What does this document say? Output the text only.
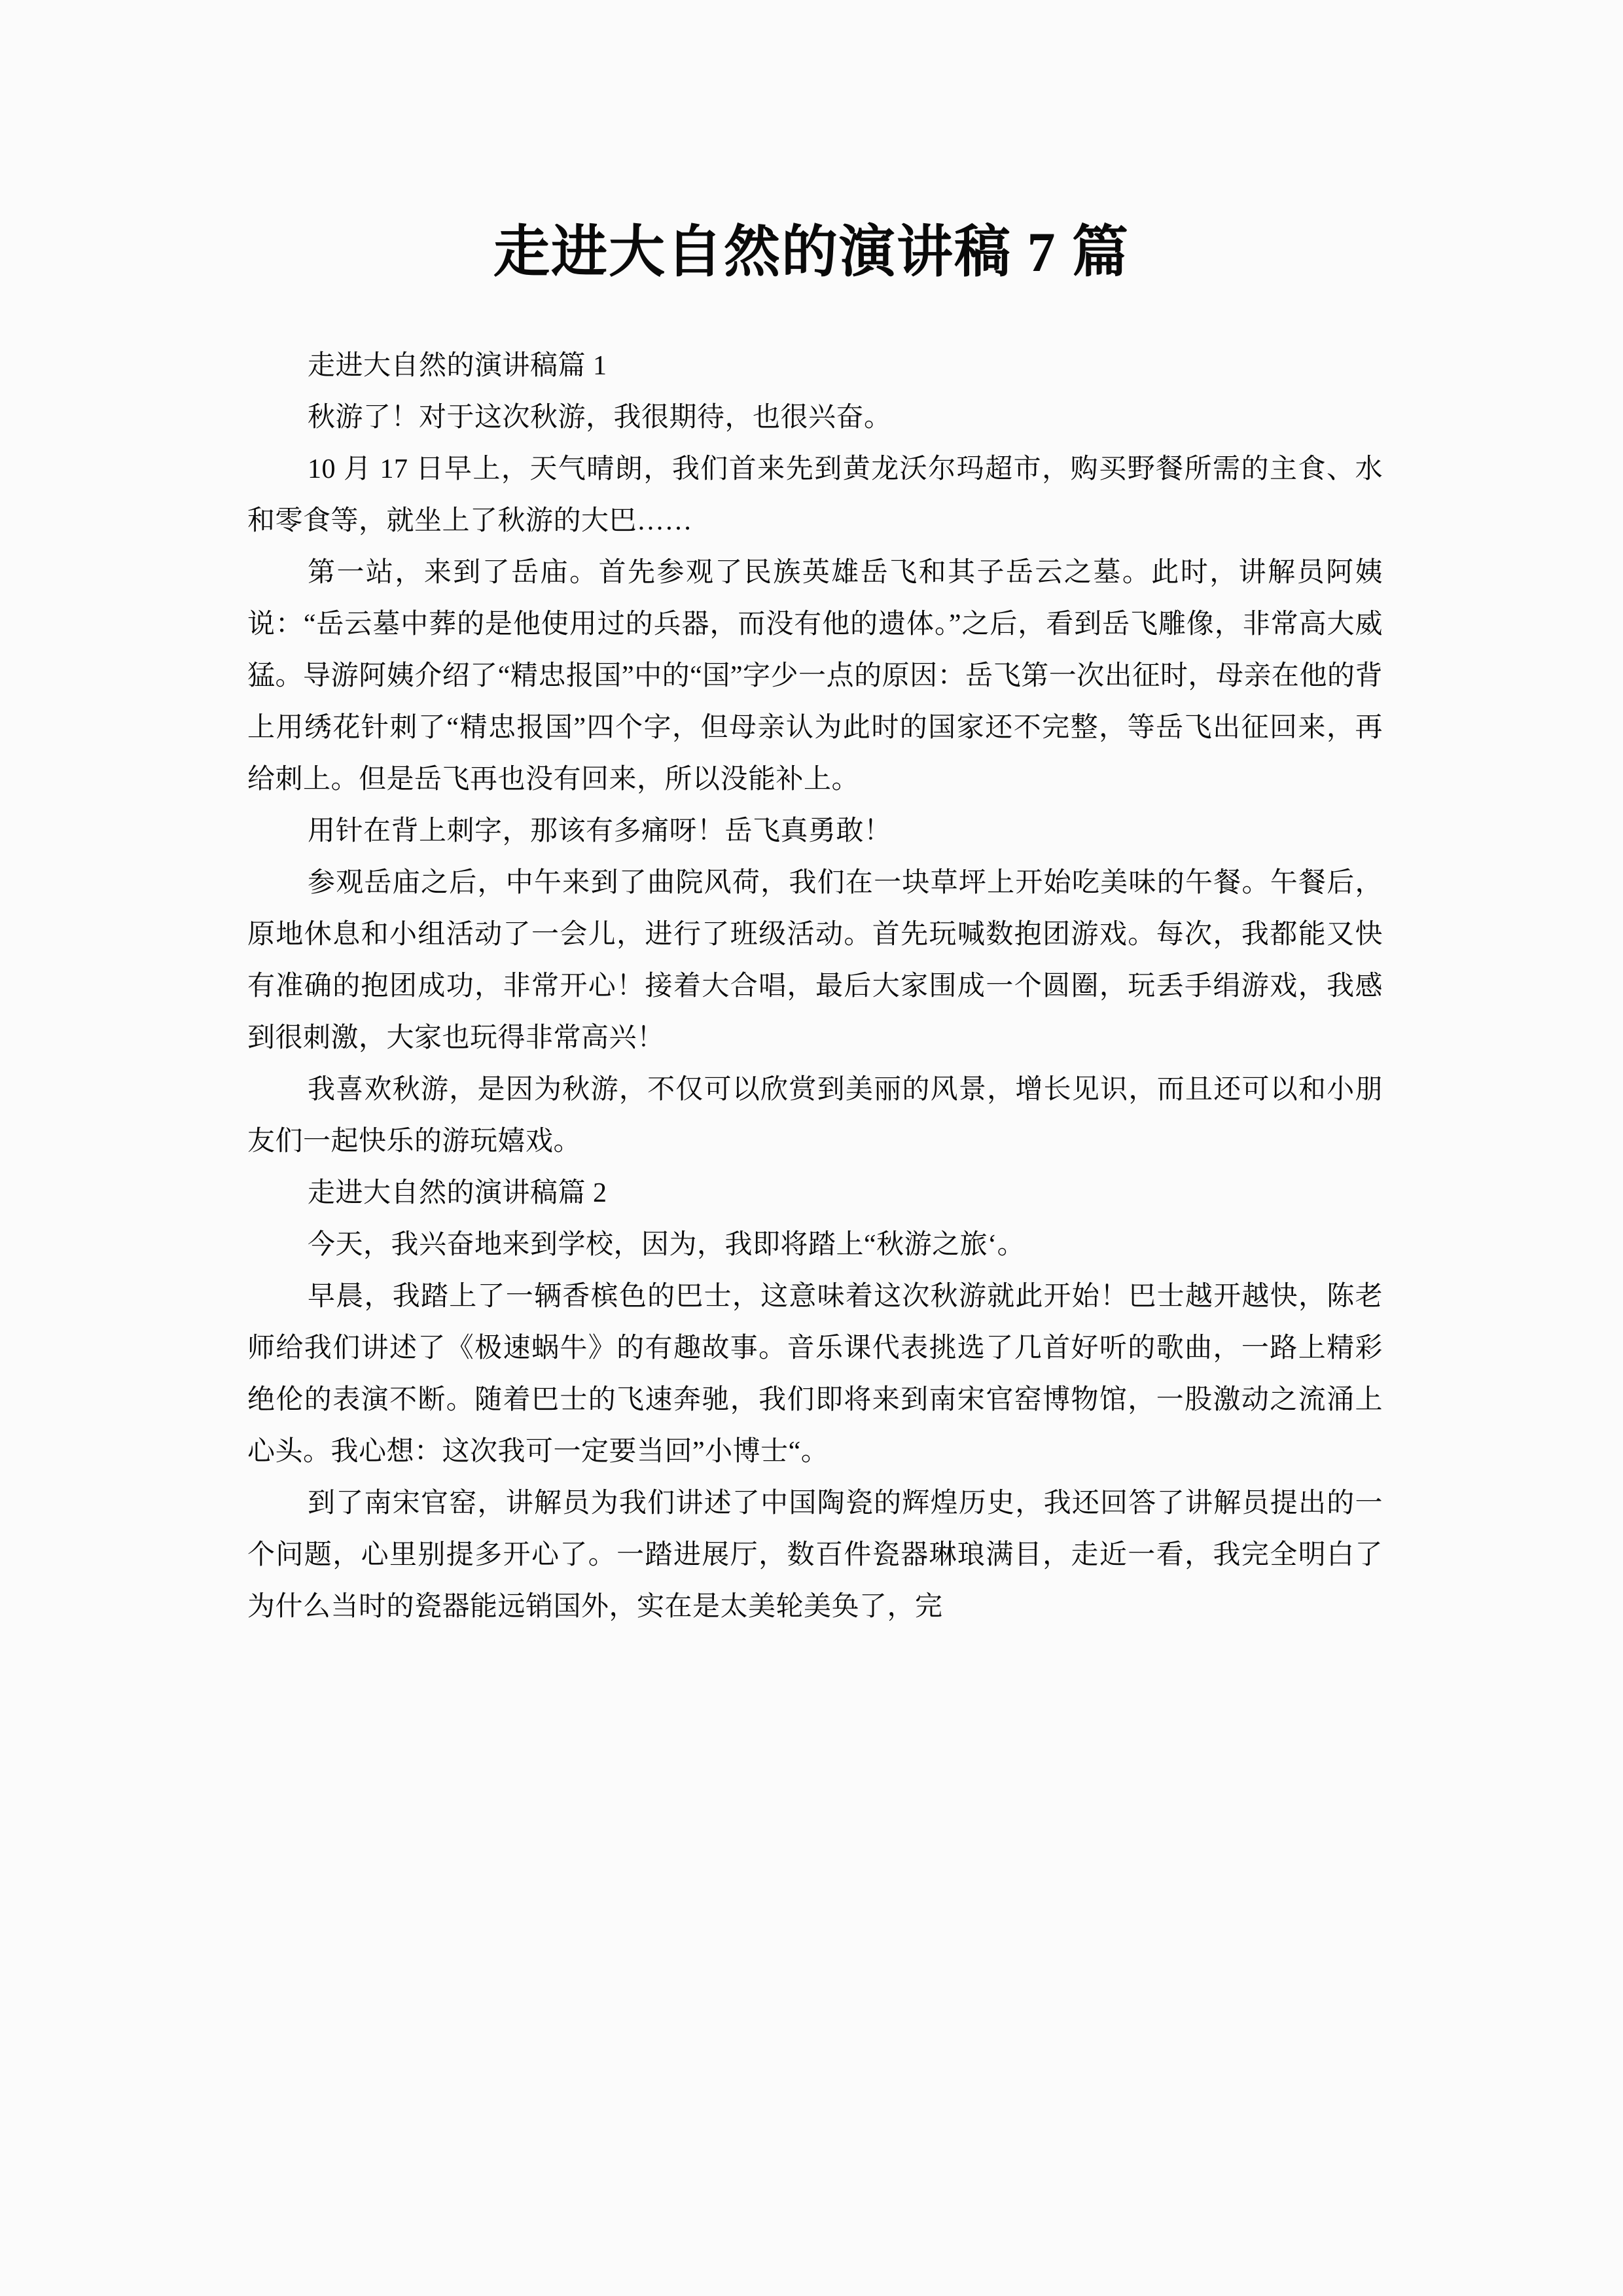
走进大自然的演讲稿 7 篇

走进大自然的演讲稿篇 1

秋游了！对于这次秋游，我很期待，也很兴奋。

10 月 17 日早上，天气晴朗，我们首来先到黄龙沃尔玛超市，购买野餐所需的主食、水和零食等，就坐上了秋游的大巴……

第一站，来到了岳庙。首先参观了民族英雄岳飞和其子岳云之墓。此时，讲解员阿姨说：“岳云墓中葬的是他使用过的兵器，而没有他的遗体。”之后，看到岳飞雕像，非常高大威猛。导游阿姨介绍了“精忠报国”中的“国”字少一点的原因：岳飞第一次出征时，母亲在他的背上用绣花针刺了“精忠报国”四个字，但母亲认为此时的国家还不完整，等岳飞出征回来，再给刺上。但是岳飞再也没有回来，所以没能补上。

用针在背上刺字，那该有多痛呀！岳飞真勇敢！

参观岳庙之后，中午来到了曲院风荷，我们在一块草坪上开始吃美味的午餐。午餐后，原地休息和小组活动了一会儿，进行了班级活动。首先玩喊数抱团游戏。每次，我都能又快有准确的抱团成功，非常开心！接着大合唱，最后大家围成一个圆圈，玩丢手绢游戏，我感到很刺激，大家也玩得非常高兴！

我喜欢秋游，是因为秋游，不仅可以欣赏到美丽的风景，增长见识，而且还可以和小朋友们一起快乐的游玩嬉戏。

走进大自然的演讲稿篇 2

今天，我兴奋地来到学校，因为，我即将踏上“秋游之旅‘。

早晨，我踏上了一辆香槟色的巴士，这意味着这次秋游就此开始！巴士越开越快，陈老师给我们讲述了《极速蜗牛》的有趣故事。音乐课代表挑选了几首好听的歌曲，一路上精彩绝伦的表演不断。随着巴士的飞速奔驰，我们即将来到南宋官窑博物馆，一股激动之流涌上心头。我心想：这次我可一定要当回”小博士“。

到了南宋官窑，讲解员为我们讲述了中国陶瓷的辉煌历史，我还回答了讲解员提出的一个问题，心里别提多开心了。一踏进展厅，数百件瓷器琳琅满目，走近一看，我完全明白了为什么当时的瓷器能远销国外，实在是太美轮美奂了，完
